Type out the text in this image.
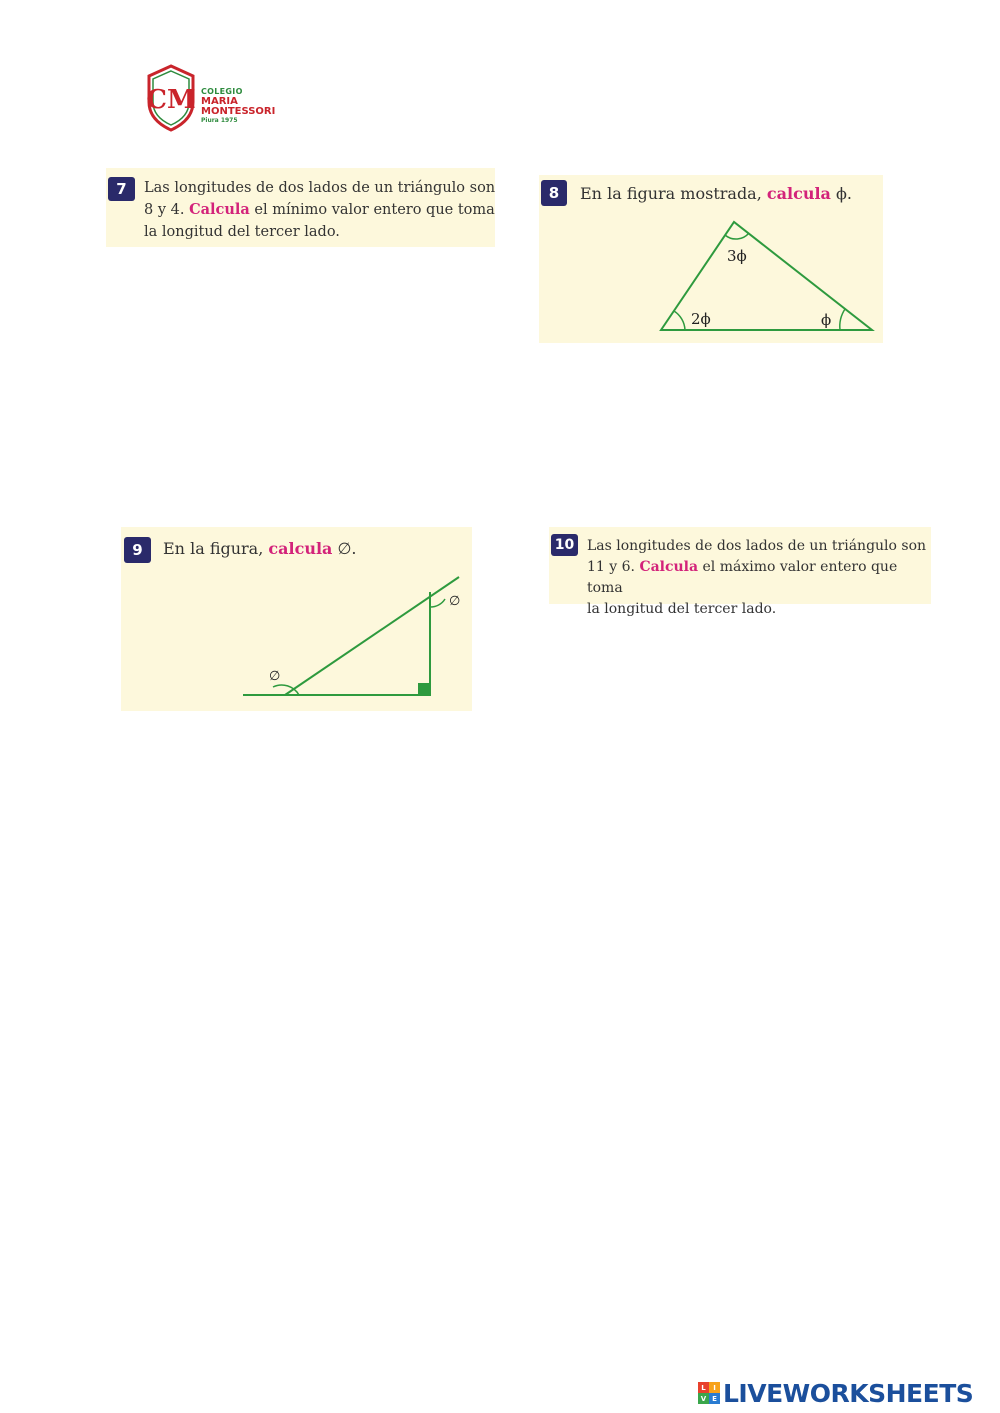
CM COLEGIO
MARIA
MONTESSORI
Piura 1975
7	Las longitudes de dos lados de un triángulo son
8 y 4. Calcula el mínimo valor entero que toma
la longitud del tercer lado.
8	En la figura mostrada, calcula ϕ.
3ϕ
2ϕ	ϕ
9	En la figura, calcula ∅.
∅
∅
10 Las longitudes de dos lados de un triángulo son
11 y 6. Calcula el máximo valor entero que toma
la longitud del tercer lado.
L	I
V E LIVEWORKSHEETS
